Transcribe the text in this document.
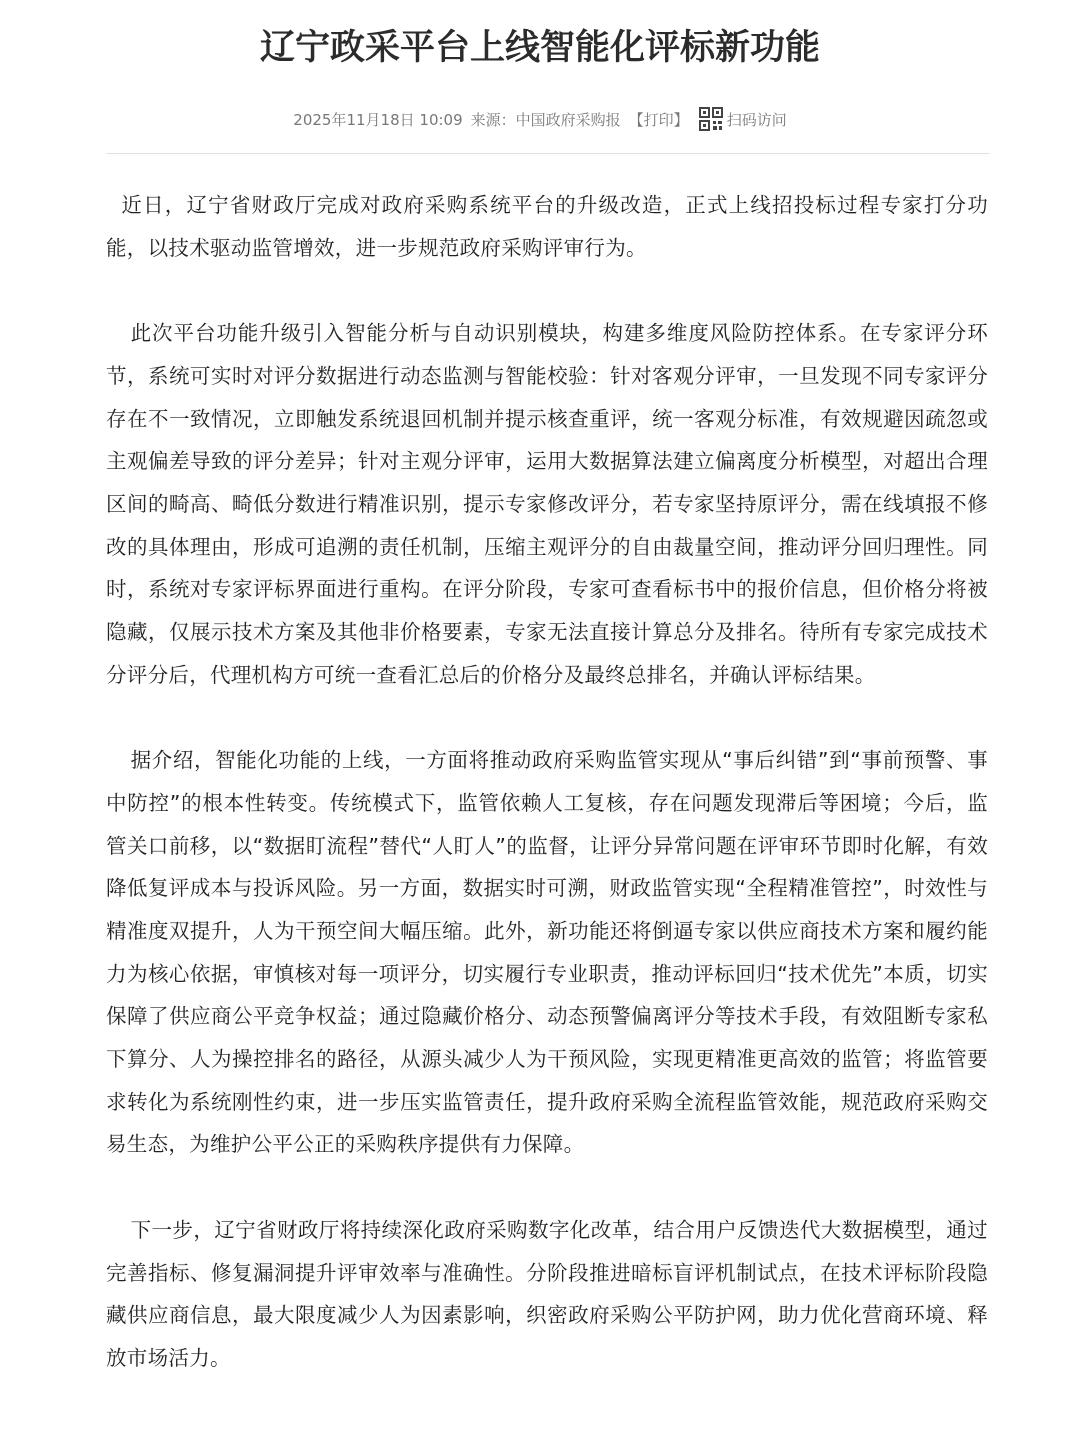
辽宁政采平台上线智能化评标新功能
2025年11月18日 10:09 来源： 中国政府采购报 【打印】	扫码访问

近日，辽宁省财政厅完成对政府采购系统平台的升级改造，正式上线招投标过程专家打分功能，以技术驱动监管增效，进一步规范政府采购评审行为。

此次平台功能升级引入智能分析与自动识别模块，构建多维度风险防控体系。在专家评分环节，系统可实时对评分数据进行动态监测与智能校验：针对客观分评审，一旦发现不同专家评分存在不一致情况，立即触发系统退回机制并提示核查重评，统一客观分标准，有效规避因疏忽或主观偏差导致的评分差异；针对主观分评审，运用大数据算法建立偏离度分析模型，对超出合理区间的畸高、畸低分数进行精准识别，提示专家修改评分，若专家坚持原评分，需在线填报不修改的具体理由，形成可追溯的责任机制，压缩主观评分的自由裁量空间，推动评分回归理性。同时，系统对专家评标界面进行重构。在评分阶段，专家可查看标书中的报价信息，但价格分将被隐藏，仅展示技术方案及其他非价格要素，专家无法直接计算总分及排名。待所有专家完成技术分评分后，代理机构方可统一查看汇总后的价格分及最终总排名，并确认评标结果。

据介绍，智能化功能的上线，一方面将推动政府采购监管实现从“事后纠错”到“事前预警、事中防控”的根本性转变。传统模式下，监管依赖人工复核，存在问题发现滞后等困境；今后，监管关口前移，以“数据盯流程”替代“人盯人”的监督，让评分异常问题在评审环节即时化解，有效降低复评成本与投诉风险。另一方面，数据实时可溯，财政监管实现“全程精准管控”，时效性与精准度双提升，人为干预空间大幅压缩。此外，新功能还将倒逼专家以供应商技术方案和履约能力为核心依据，审慎核对每一项评分，切实履行专业职责，推动评标回归“技术优先”本质，切实保障了供应商公平竞争权益；通过隐藏价格分、动态预警偏离评分等技术手段，有效阻断专家私下算分、人为操控排名的路径，从源头减少人为干预风险，实现更精准更高效的监管；将监管要求转化为系统刚性约束，进一步压实监管责任，提升政府采购全流程监管效能，规范政府采购交易生态，为维护公平公正的采购秩序提供有力保障。

下一步，辽宁省财政厅将持续深化政府采购数字化改革，结合用户反馈迭代大数据模型，通过完善指标、修复漏洞提升评审效率与准确性。分阶段推进暗标盲评机制试点，在技术评标阶段隐藏供应商信息，最大限度减少人为因素影响，织密政府采购公平防护网，助力优化营商环境、释放市场活力。
